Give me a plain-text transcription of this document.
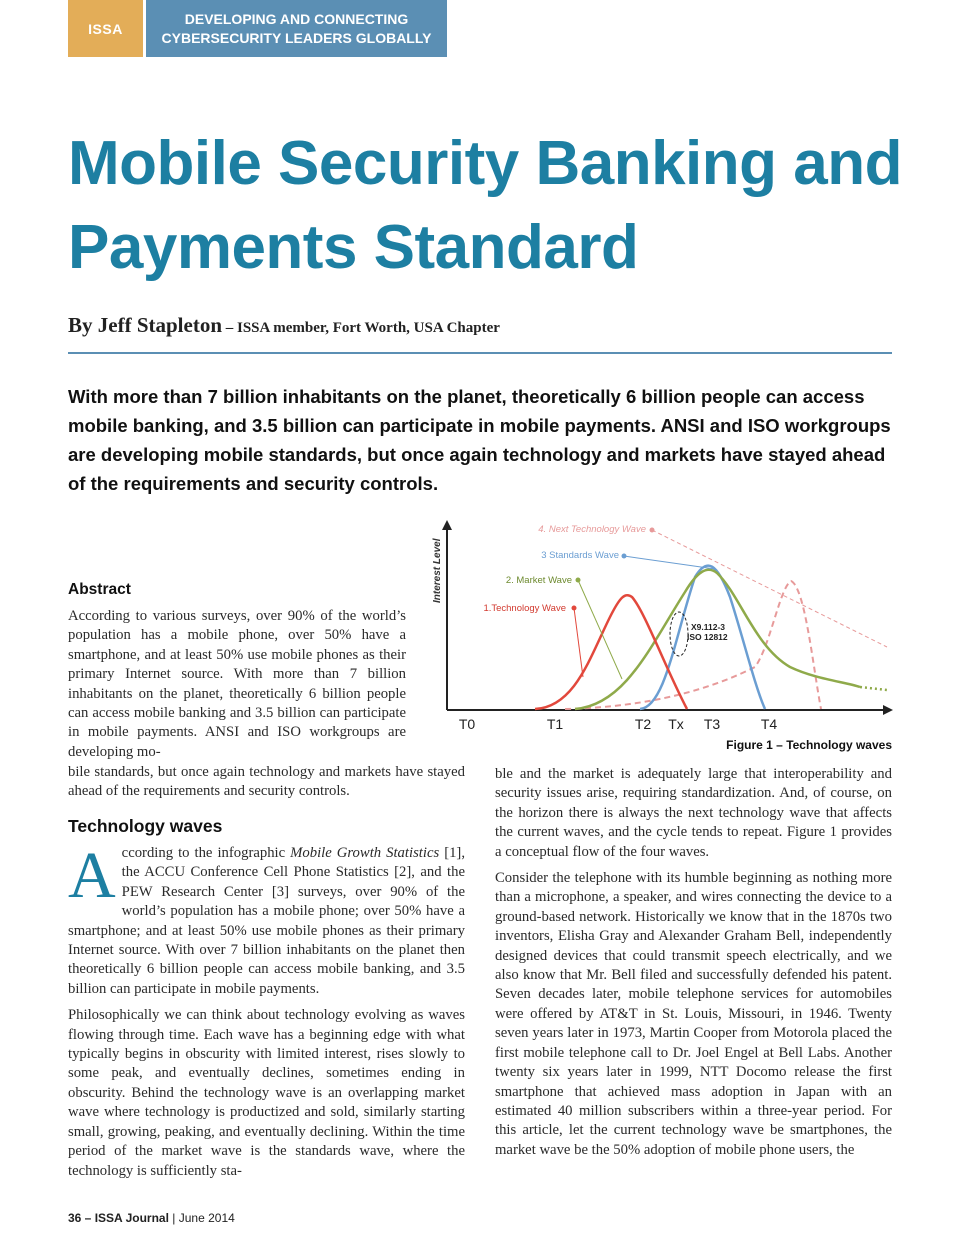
ISSA
DEVELOPING AND CONNECTING
CYBERSECURITY LEADERS GLOBALLY
Mobile Security Banking and Payments Standard
By Jeff Stapleton – ISSA member, Fort Worth, USA Chapter
With more than 7 billion inhabitants on the planet, theoretically 6 billion people can access mobile banking, and 3.5 billion can participate in mobile payments. ANSI and ISO workgroups are developing mobile standards, but once again technology and markets have stayed ahead of the requirements and security controls.
Abstract
According to various surveys, over 90% of the world’s population has a mobile phone, over 50% have a smartphone, and at least 50% use mobile phones as their primary Internet source. With more than 7 billion inhabitants on the planet, theoretically 6 billion people can access mobile banking and 3.5 billion can participate in mobile payments. ANSI and ISO workgroups are developing mo-
bile standards, but once again technology and markets have stayed ahead of the requirements and security controls.
Interest Level
4. Next Technology Wave
3 Standards Wave
2. Market Wave
1.Technology Wave
X9.112-3
ISO 12812
T0	T1	T2 Tx T3	T4
Figure 1 – Technology waves
Technology waves

According to the infographic Mobile Growth Statistics [1], the ACCU Conference Cell Phone Statistics [2], and the PEW Research Center [3] surveys, over 90% of the world’s population has a mobile phone; over 50% have a smartphone; and at least 50% use mobile phones as their primary Internet source. With over 7 billion inhabitants on the planet then theoretically 6 billion people can access mobile banking, and 3.5 billion can participate in mobile payments.

Philosophically we can think about technology evolving as waves flowing through time. Each wave has a beginning edge with what typically begins in obscurity with limited interest, rises slowly to some peak, and eventually declines, sometimes ending in obscurity. Behind the technology wave is an overlapping market wave where technology is productized and sold, similarly starting small, growing, peaking, and eventually declining. Within the time period of the market wave is the standards wave, where the technology is sufficiently sta-

ble and the market is adequately large that interoperability and security issues arise, requiring standardization. And, of course, on the horizon there is always the next technology wave that affects the current waves, and the cycle tends to repeat. Figure 1 provides a conceptual flow of the four waves.

Consider the telephone with its humble beginning as nothing more than a microphone, a speaker, and wires connecting the device to a ground-based network. Historically we know that in the 1870s two inventors, Elisha Gray and Alexander Graham Bell, independently designed devices that could transmit speech electrically, and we also know that Mr. Bell filed and successfully defended his patent. Seven decades later, mobile telephone services for automobiles were offered by AT&T in St. Louis, Missouri, in 1946. Twenty seven years later in 1973, Martin Cooper from Motorola placed the first mobile telephone call to Dr. Joel Engel at Bell Labs. Another twenty six years later in 1999, NTT Docomo release the first smartphone that achieved mass adoption in Japan with an estimated 40 million subscribers within a three-year period. For this article, let the current technology wave be smartphones, the market wave be the 50% adoption of mobile phone users, the

36 – ISSA Journal | June 2014
